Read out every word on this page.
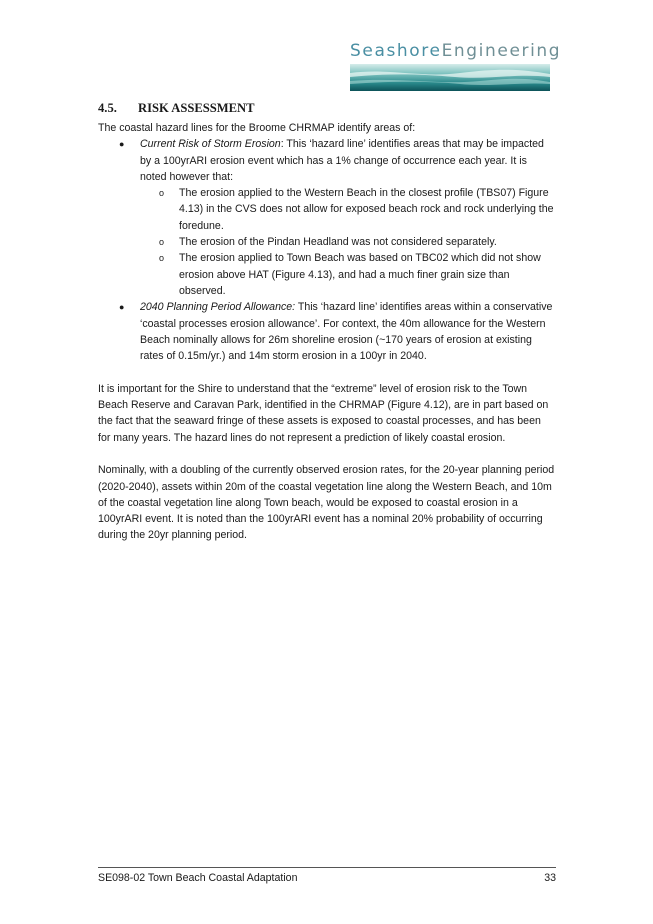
SeashoreEngineering
4.5. RISK ASSESSMENT

The coastal hazard lines for the Broome CHRMAP identify areas of:

● Current Risk of Storm Erosion: This ‘hazard line’ identifies areas that may be impacted by a 100yrARI erosion event which has a 1% change of occurrence each year. It is noted however that:
o The erosion applied to the Western Beach in the closest profile (TBS07) Figure 4.13) in the CVS does not allow for exposed beach rock and rock underlying the foredune.
o The erosion of the Pindan Headland was not considered separately.
o The erosion applied to Town Beach was based on TBC02 which did not show erosion above HAT (Figure 4.13), and had a much finer grain size than observed.
● 2040 Planning Period Allowance: This ‘hazard line’ identifies areas within a conservative ‘coastal processes erosion allowance’. For context, the 40m allowance for the Western Beach nominally allows for 26m shoreline erosion (~170 years of erosion at existing rates of 0.15m/yr.) and 14m storm erosion in a 100yr in 2040.

It is important for the Shire to understand that the “extreme” level of erosion risk to the Town Beach Reserve and Caravan Park, identified in the CHRMAP (Figure 4.12), are in part based on the fact that the seaward fringe of these assets is exposed to coastal processes, and has been for many years. The hazard lines do not represent a prediction of likely coastal erosion.

Nominally, with a doubling of the currently observed erosion rates, for the 20-year planning period (2020-2040), assets within 20m of the coastal vegetation line along the Western Beach, and 10m of the coastal vegetation line along Town beach, would be exposed to coastal erosion in a 100yrARI event. It is noted than the 100yrARI event has a nominal 20% probability of occurring during the 20yr planning period.

SE098-02 Town Beach Coastal Adaptation	33
